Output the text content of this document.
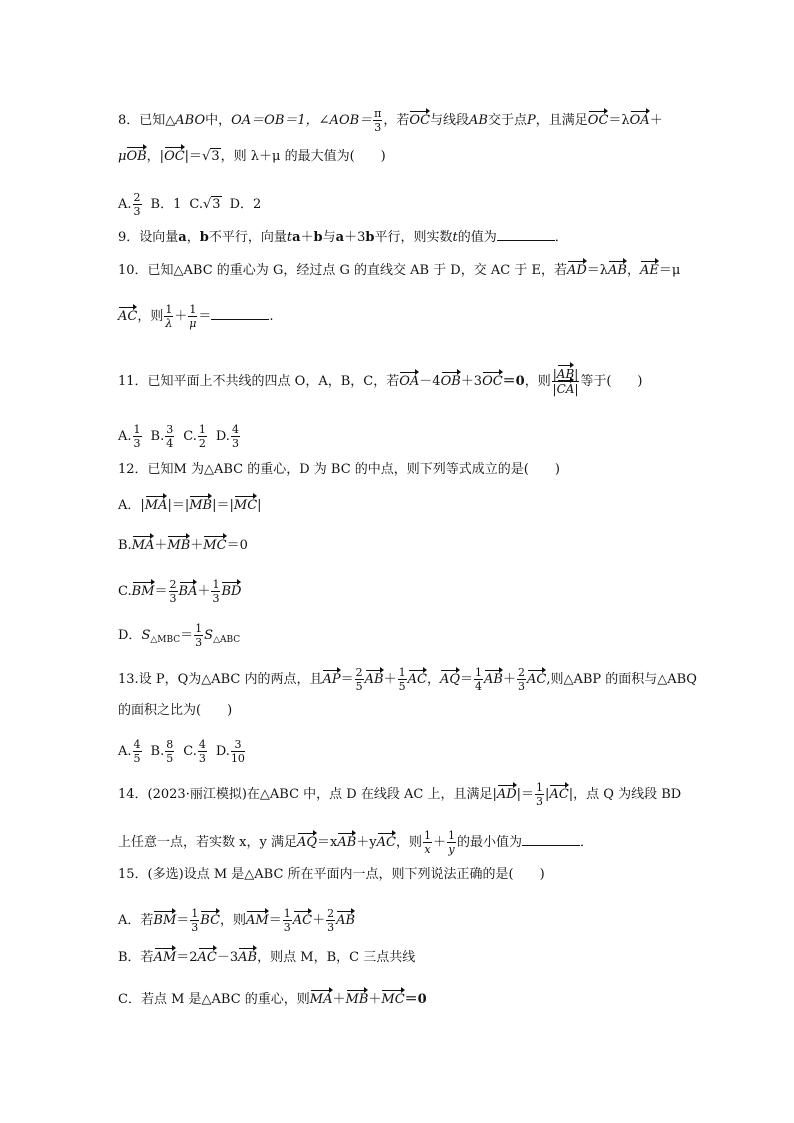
8．已知△ABO中，OA＝OB＝1，∠AOB＝ $\frac{\pi}{3}$ ，若OC与线段AB交于点P，且满足OC＝λOA＋
μOB，|OC|＝√3，则 λ＋μ 的最大值为(　　)
A. $\frac{2}{3}$ B．1 C.√3 D．2
9．设向量a，b不平行，向量ta＋b与a＋3b平行，则实数t的值为	．
10．已知△ABC 的重心为 G，经过点 G 的直线交 AB 于 D，交 AC 于 E，若AD＝λAB，AE＝μ
AC，则 $\frac{1}{\lambda} + \frac{1}{\mu}$ ＝	.
11．已知平面上不共线的四点 O，A，B，C，若OA－4OB＋3OC＝0，则 $\frac{|AB|}{|CA|}$ 等于(　　)
A. $\frac{1}{3} B$. $\frac{3}{4} C$. $\frac{1}{2} D$. $\frac{4}{3}$
12．已知M 为△ABC 的重心，D 为 BC 的中点，则下列等式成立的是(　　)
A．|MA|＝|MB|＝|MC|
B.MA＋MB＋MC＝0
$C.BM= \frac{2}{3} BA+ \frac{1}{3}$ BD
D．$S_{\triangle MBC}= \frac{1}{3} S_{\triangle ABC}$
13.设 P，Q为△ABC 内的两点，且$AP= \frac{2}{5} AB+ \frac{1}{5}$ AC，$AQ= \frac{1}{4} AB+ \frac{2}{3}$ AC,则△ABP 的面积与△ABQ
的面积之比为(　　)
A. $\frac{4}{5} B$. $\frac{8}{5} C$. $\frac{4}{3} D$. $\frac{3}{10}$
14．(2023·丽江模拟)在△ABC 中，点 D 在线段 AC 上，且满足$|AD|= \frac{1}{3} |AC|$，点 Q 为线段 BD
上任意一点，若实数 x，y 满足AQ＝xAB＋yAC，则 $\frac{1}{x} + \frac{1}{y}$ 的最小值为	．
15．(多选)设点 M 是△ABC 所在平面内一点，则下列说法正确的是(　　)
A．若$BM= \frac{1}{3}$ BC，则$AM= \frac{1}{3} AC+ \frac{2}{3}$ AB
B．若AM＝2AC－3AB，则点 M，B，C 三点共线
C．若点 M 是△ABC 的重心，则MA＋MB＋MC＝0
